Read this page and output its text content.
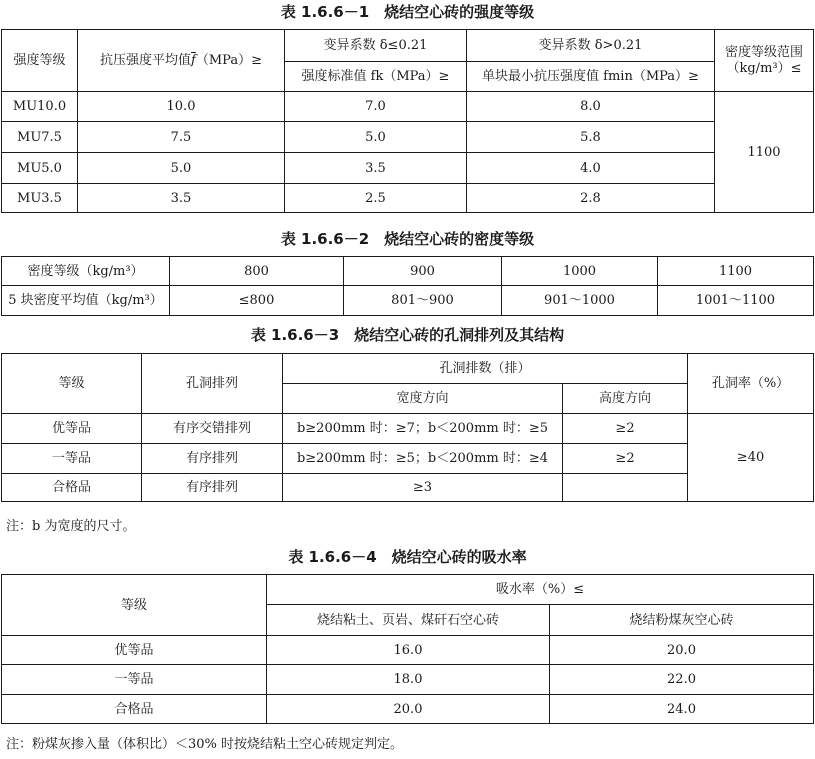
表 1.6.6－1　烧结空心砖的强度等级
强度等级	抗压强度平均值$\overline{f}(MPa)\ge$	变异系数 δ≤0.21	变异系数 δ>0.21	密度等级范围（kg/m³）≤
		强度标准值 fk（MPa）≥	单块最小抗压强度值 fmin（MPa）≥	
MU10.0	10.0	7.0	8.0	1100
MU7.5	7.5	5.0	5.8	
MU5.0	5.0	3.5	4.0	
MU3.5	3.5	2.5	2.8	
表 1.6.6－2　烧结空心砖的密度等级
密度等级（kg/m³）	800	900	1000	1100
5 块密度平均值（kg/m³）	≤800	801～900	901～1000	1001～1100
表 1.6.6－3　烧结空心砖的孔洞排列及其结构
等级	孔洞排列	孔洞排数（排）		孔洞率（%）
		宽度方向	高度方向	
优等品	有序交错排列	b≥200mm 时：≥7；b＜200mm 时：≥5	≥2	≥40
一等品	有序排列	b≥200mm 时：≥5；b＜200mm 时：≥4	≥2	
合格品	有序排列	≥3		
注：b 为宽度的尺寸。
表 1.6.6－4　烧结空心砖的吸水率
等级	吸水率（%）≤	
	烧结粘土、页岩、煤矸石空心砖	烧结粉煤灰空心砖
优等品	16.0	20.0
一等品	18.0	22.0
合格品	20.0	24.0
注：粉煤灰掺入量（体积比）＜30% 时按烧结粘土空心砖规定判定。
